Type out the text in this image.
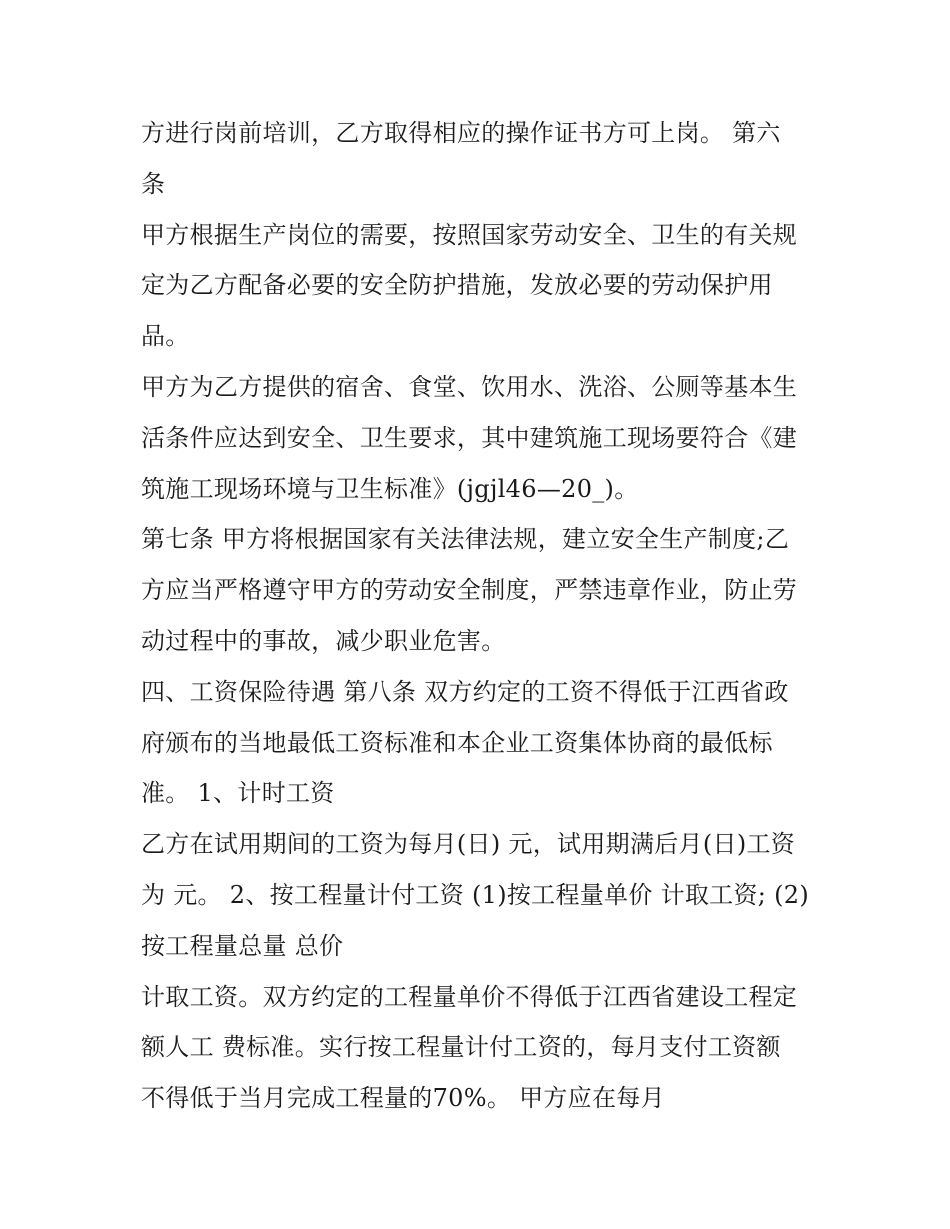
方进行岗前培训，乙方取得相应的操作证书方可上岗。 第六
条
甲方根据生产岗位的需要，按照国家劳动安全、卫生的有关规
定为乙方配备必要的安全防护措施，发放必要的劳动保护用
品。
甲方为乙方提供的宿舍、食堂、饮用水、洗浴、公厕等基本生
活条件应达到安全、卫生要求，其中建筑施工现场要符合《建
筑施工现场环境与卫生标准》(jgjl46—20_)。
第七条 甲方将根据国家有关法律法规，建立安全生产制度;乙
方应当严格遵守甲方的劳动安全制度，严禁违章作业，防止劳
动过程中的事故，减少职业危害。
四、工资保险待遇 第八条 双方约定的工资不得低于江西省政
府颁布的当地最低工资标准和本企业工资集体协商的最低标
准。 1、计时工资
乙方在试用期间的工资为每月(日) 元，试用期满后月(日)工资
为 元。 2、按工程量计付工资 (1)按工程量单价 计取工资; (2)
按工程量总量 总价
计取工资。双方约定的工程量单价不得低于江西省建设工程定
额人工 费标准。实行按工程量计付工资的，每月支付工资额
不得低于当月完成工程量的70%。 甲方应在每月
